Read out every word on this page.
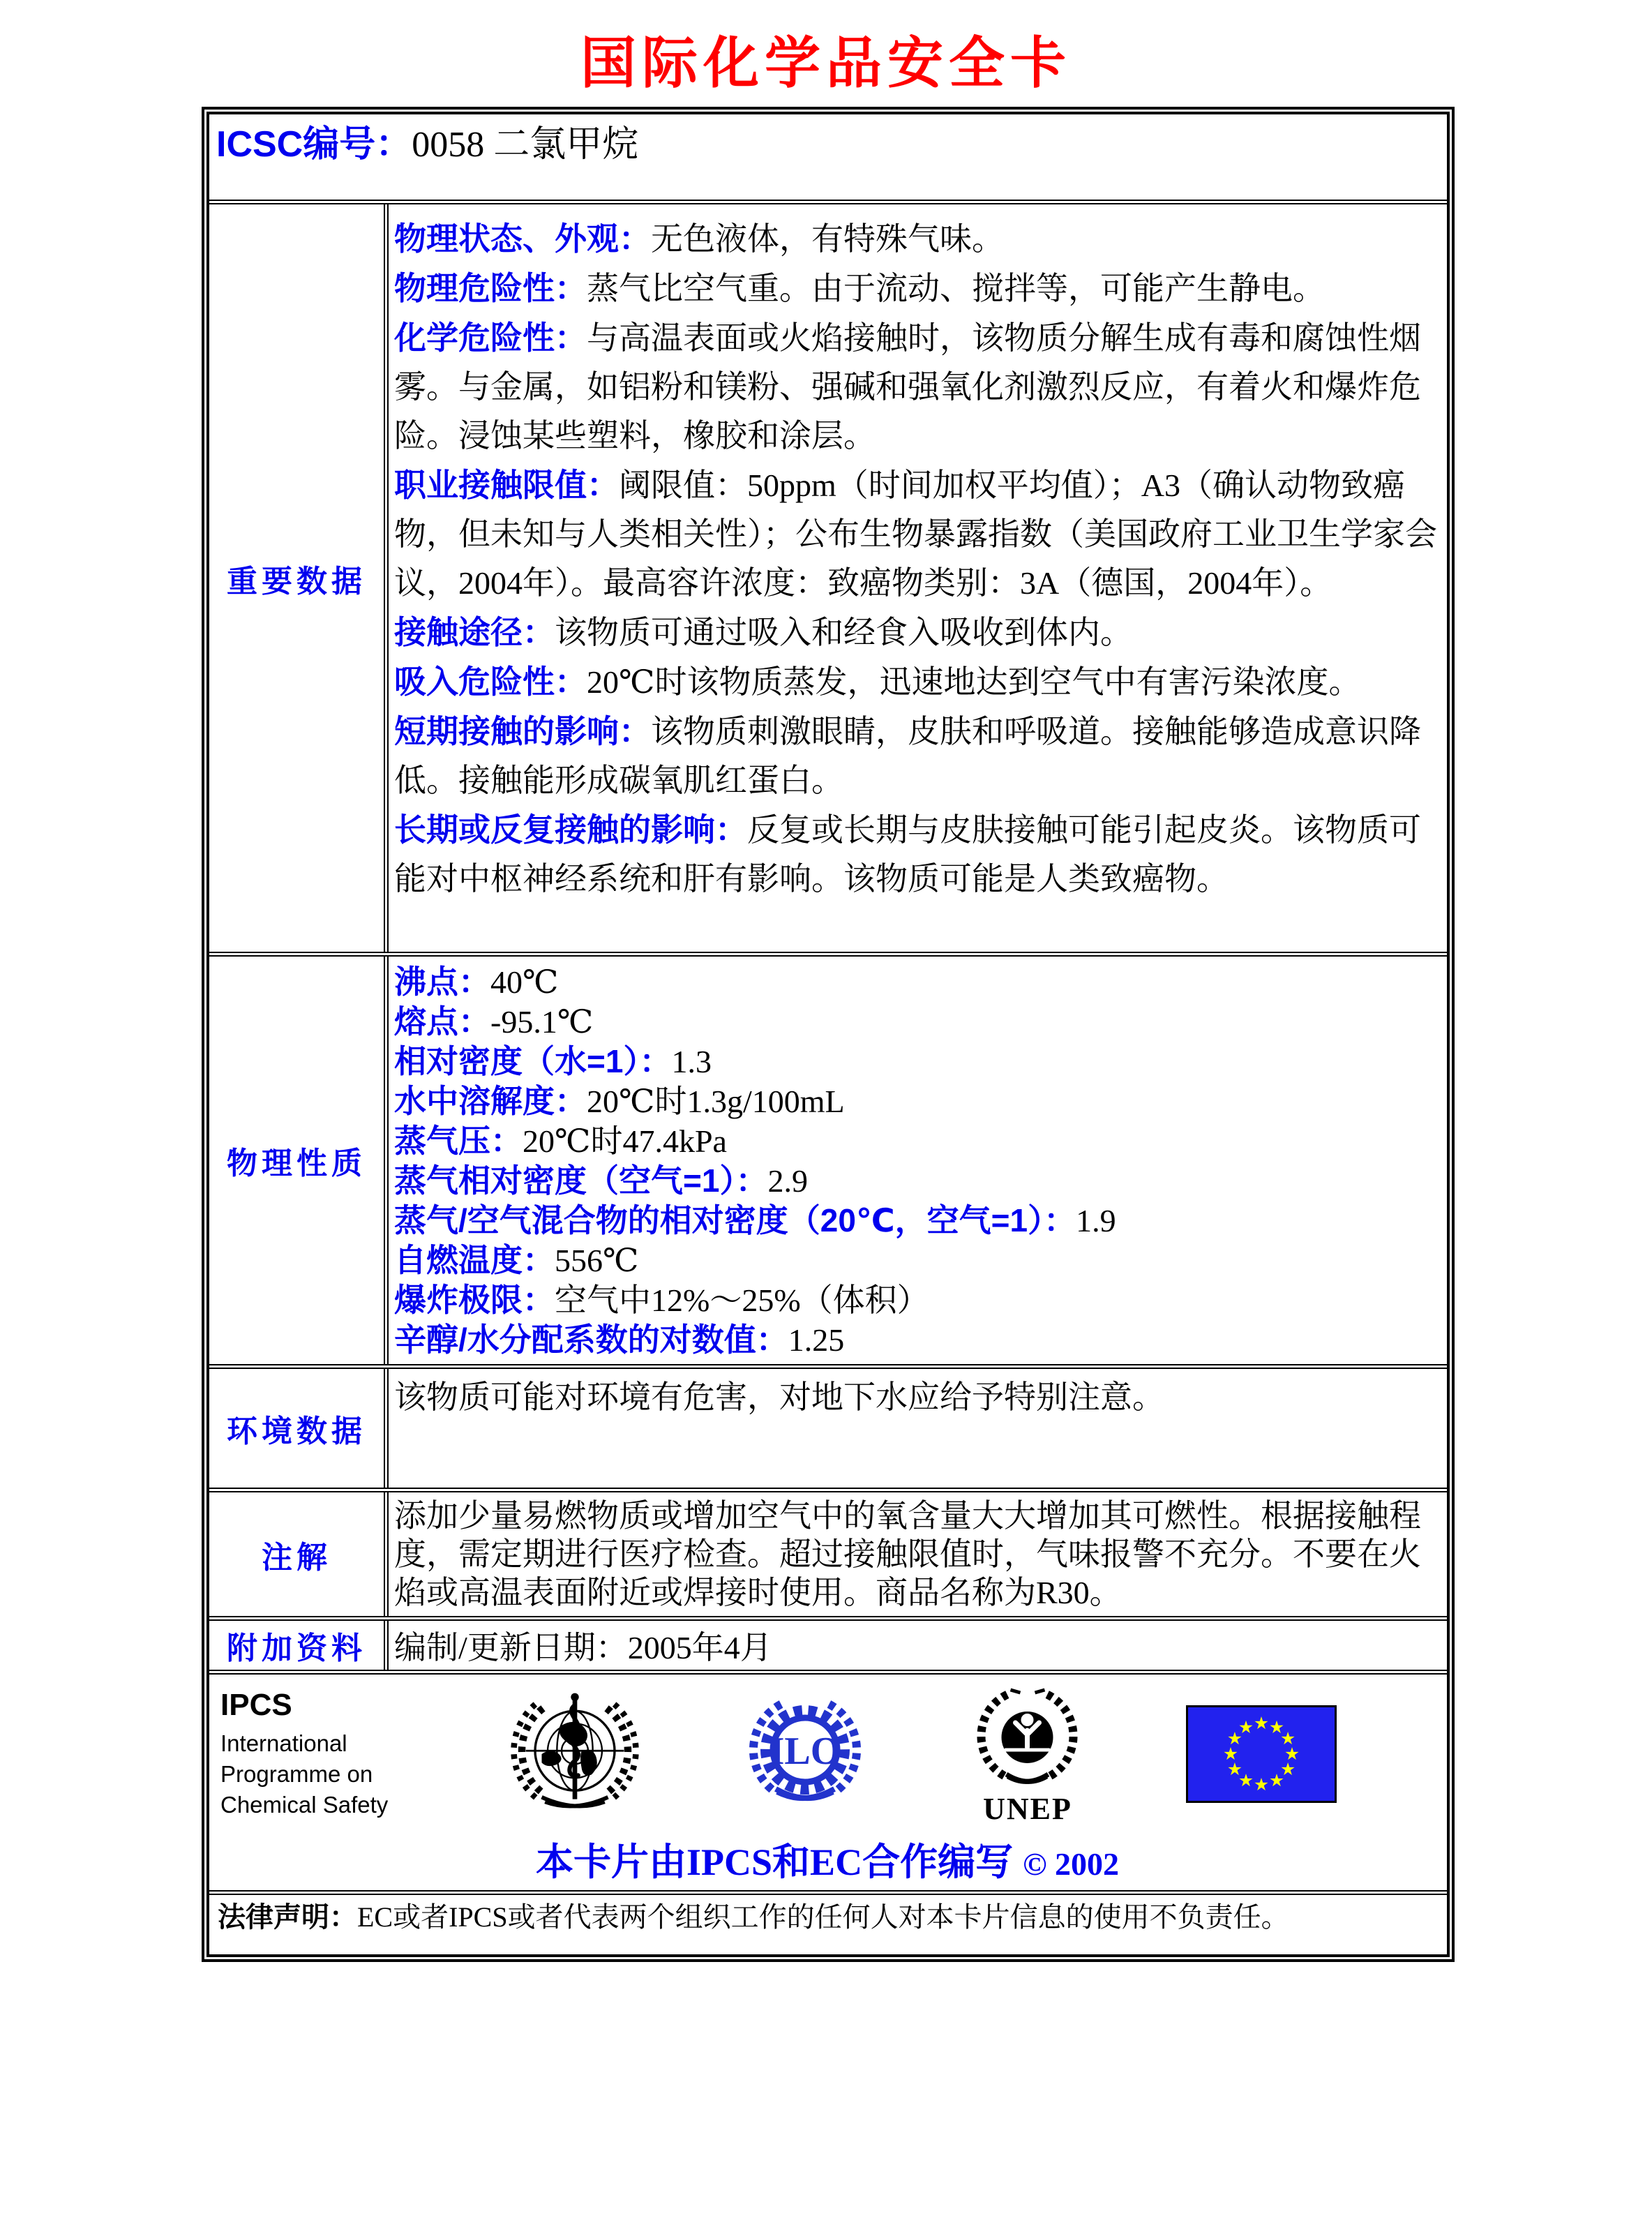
国际化学品安全卡
ICSC编号：0058 二氯甲烷
重要数据
物理状态、外观：无色液体，有特殊气味。
物理危险性：蒸气比空气重。由于流动、搅拌等，可能产生静电。
化学危险性：与高温表面或火焰接触时，该物质分解生成有毒和腐蚀性烟雾。与金属，如铝粉和镁粉、强碱和强氧化剂激烈反应，有着火和爆炸危险。浸蚀某些塑料，橡胶和涂层。
职业接触限值：阈限值：50ppm（时间加权平均值）；A3（确认动物致癌物，但未知与人类相关性）；公布生物暴露指数（美国政府工业卫生学家会议，2004年）。最高容许浓度：致癌物类别：3A（德国，2004年）。
接触途径：该物质可通过吸入和经食入吸收到体内。
吸入危险性：20℃时该物质蒸发，迅速地达到空气中有害污染浓度。
短期接触的影响：该物质刺激眼睛，皮肤和呼吸道。接触能够造成意识降低。接触能形成碳氧肌红蛋白。
长期或反复接触的影响：反复或长期与皮肤接触可能引起皮炎。该物质可能对中枢神经系统和肝有影响。该物质可能是人类致癌物。
物理性质
沸点：40℃
熔点：-95.1℃
相对密度（水=1）：1.3
水中溶解度：20℃时1.3g/100mL
蒸气压：20℃时47.4kPa
蒸气相对密度（空气=1）：2.9
蒸气/空气混合物的相对密度（20℃，空气=1）：1.9
自燃温度：556℃
爆炸极限：空气中12%～25%（体积）
辛醇/水分配系数的对数值：1.25
环境数据
该物质可能对环境有危害，对地下水应给予特别注意。
注解
添加少量易燃物质或增加空气中的氧含量大大增加其可燃性。根据接触程度，需定期进行医疗检查。超过接触限值时，气味报警不充分。不要在火焰或高温表面附近或焊接时使用。商品名称为R30。
附加资料 编制/更新日期：2005年4月
IPCS
International
Programme on
Chemical Safety
ILO
UNEP
本卡片由IPCS和EC合作编写 © 2002
法律声明：EC或者IPCS或者代表两个组织工作的任何人对本卡片信息的使用不负责任。
